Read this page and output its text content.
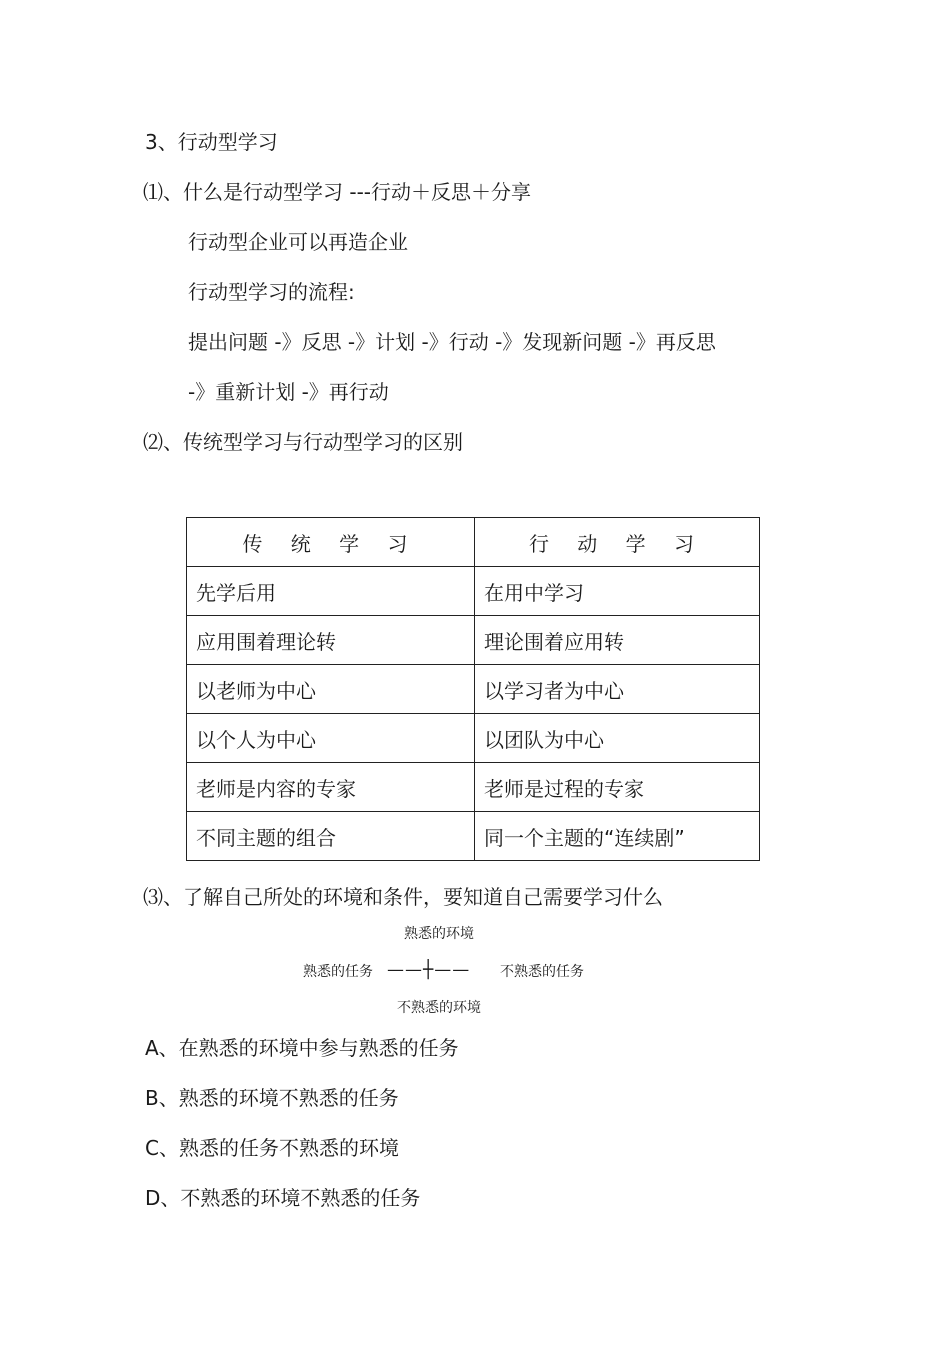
3、行动型学习
⑴、什么是行动型学习 ---行动＋反思＋分享
行动型企业可以再造企业
行动型学习的流程:
提出问题 -》反思 -》计划 -》行动 -》发现新问题 -》再反思
-》重新计划 -》再行动
⑵、传统型学习与行动型学习的区别
传 统 学 习	行 动 学 习
先学后用	在用中学习
应用围着理论转	理论围着应用转
以老师为中心	以学习者为中心
以个人为中心	以团队为中心
老师是内容的专家	老师是过程的专家
不同主题的组合	同一个主题的“连续剧”
⑶、了解自己所处的环境和条件，要知道自己需要学习什么
熟悉的环境
熟悉的任务 ——┼—— 不熟悉的任务
不熟悉的环境
A、在熟悉的环境中参与熟悉的任务
B、熟悉的环境不熟悉的任务
C、熟悉的任务不熟悉的环境
D、不熟悉的环境不熟悉的任务
